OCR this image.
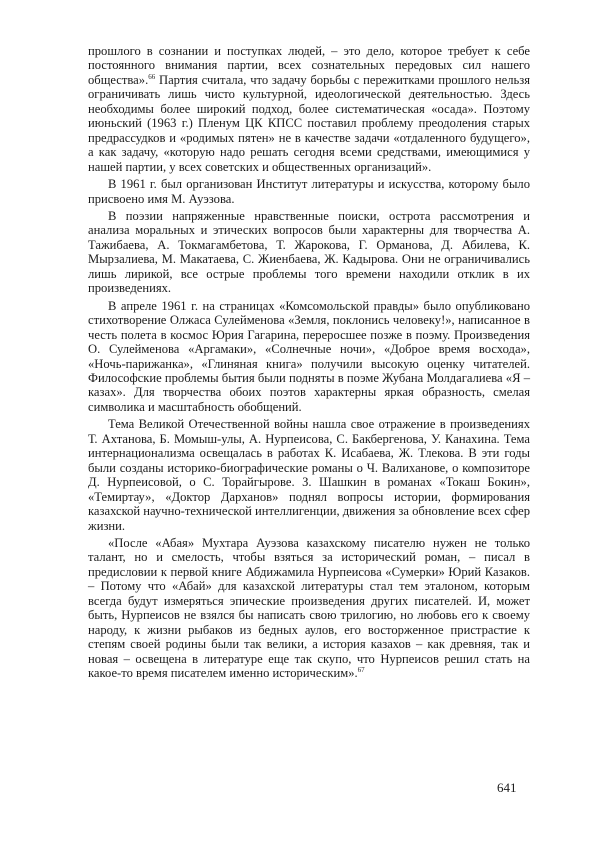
прошлого в сознании и поступках людей, – это дело, которое требует к себе постоянного внимания партии, всех сознательных передовых сил нашего общества».$^{66}$ Партия считала, что задачу борьбы с пережитками прошлого нельзя ограничивать лишь чисто культурной, идеологической деятельностью. Здесь необходимы более широкий подход, более систематическая «осада». Поэтому июньский (1963 г.) Пленум ЦК КПСС поставил проблему преодоления старых предрассудков и «родимых пятен» не в качестве задачи «отдаленного будущего», а как задачу, «которую надо решать сегодня всеми средствами, имеющимися у нашей партии, у всех советских и общественных организаций».

В 1961 г. был организован Институт литературы и искусства, которому было присвоено имя М. Ауэзова.

В поэзии напряженные нравственные поиски, острота рассмотрения и анализа моральных и этических вопросов были характерны для творчества А. Тажибаева, А. Токмагамбетова, Т. Жарокова, Г. Орманова, Д. Абилева, К. Мырзалиева, М. Макатаева, С. Жиенбаева, Ж. Кадырова. Они не ограничивались лишь лирикой, все острые проблемы того времени находили отклик в их произведениях.

В апреле 1961 г. на страницах «Комсомольской правды» было опубликовано стихотворение Олжаса Сулейменова «Земля, поклонись человеку!», написанное в честь полета в космос Юрия Гагарина, переросшее позже в поэму. Произведения О. Сулейменова «Аргамаки», «Солнечные ночи», «Доброе время восхода», «Ночь-парижанка», «Глиняная книга» получили высокую оценку читателей. Философские проблемы бытия были подняты в поэме Жубана Молдагалиева «Я – казах». Для творчества обоих поэтов характерны яркая образность, смелая символика и масштабность обобщений.

Тема Великой Отечественной войны нашла свое отражение в произведениях Т. Ахтанова, Б. Момыш-улы, А. Нурпеисова, С. Бакбергенова, У. Канахина. Тема интернационализма освещалась в работах К. Исабаева, Ж. Тлекова. В эти годы были созданы историко-биографические романы о Ч. Валиханове, о композиторе Д. Нурпеисовой, о С. Торайгырове. З. Шашкин в романах «Токаш Бокин», «Темиртау», «Доктор Дарханов» поднял вопросы истории, формирования казахской научно-технической интеллигенции, движения за обновление всех сфер жизни.

«После «Абая» Мухтара Ауэзова казахскому писателю нужен не только талант, но и смелость, чтобы взяться за исторический роман, – писал в предисловии к первой книге Абдижамила Нурпеисова «Сумерки» Юрий Казаков. – Потому что «Абай» для казахской литературы стал тем эталоном, которым всегда будут измеряться эпические произведения других писателей. И, может быть, Нурпеисов не взялся бы написать свою трилогию, но любовь его к своему народу, к жизни рыбаков из бедных аулов, его восторженное пристрастие к степям своей родины были так велики, а история казахов – как древняя, так и новая – освещена в литературе еще так скупо, что Нурпеисов решил стать на какое-то время писателем именно историческим».$^{67}$

641
